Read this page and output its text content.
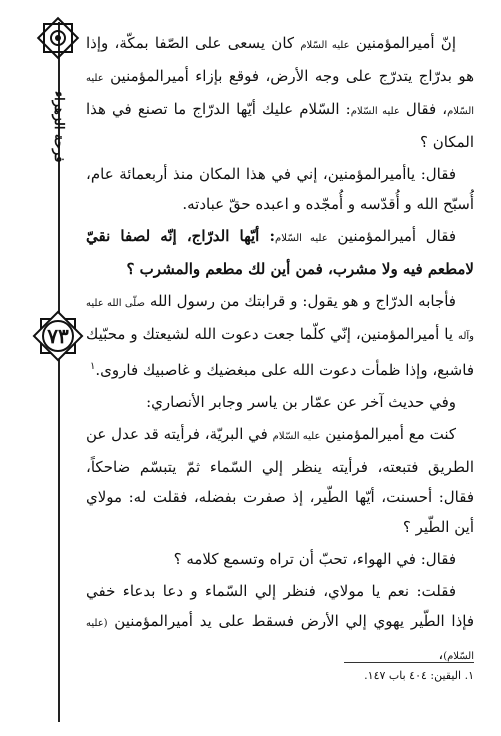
فرحة الزهراء
٧٣

إنّ أميرالمؤمنين عليه السّلام كان يسعى على الصّفا بمكّة، وإذا هو بدرّاج يتدرّج على وجه الأرض، فوقع بإزاء أميرالمؤمنين عليه السّلام، فقال عليه السّلام: السّلام عليك أيّها الدرّاج ما تصنع في هذا المكان ؟

فقال: ياأميرالمؤمنين، إني في هذا المكان منذ أربعمائة عام، أُسبّح الله و أُقدّسه و أُمجّده و اعبده حقّ عبادته.

فقال أميرالمؤمنين عليه السّلام: أيّها الدرّاج، إنّه لصفا نقيّ لامطعم فيه ولا مشرب، فمن أين لك مطعم والمشرب ؟

فأجابه الدرّاج و هو يقول: و قرابتك من رسول الله صلّى الله عليه وآله يا أميرالمؤمنين، إنّي كلّما جعت دعوت الله لشيعتك و محبّيك فاشبع، وإذا ظمأت دعوت الله على مبغضيك و غاصبيك فاروى.$^١$

وفي حديث آخر عن عمّار بن ياسر وجابر الأنصاري:

كنت مع أميرالمؤمنين عليه السّلام في البريّة، فرأيته قد عدل عن الطريق فتبعته، فرأيته ينظر إلي السّماء ثمّ يتبسّم ضاحكاً، فقال: أحسنت، أيّها الطّير، إذ صفرت بفضله، فقلت له: مولاي أين الطّير ؟

فقال: في الهواء، تحبّ أن تراه وتسمع كلامه ؟

فقلت: نعم يا مولاي، فنظر إلي السّماء و دعا بدعاء خفي فإذا الطّير يهوي إلي الأرض فسقط على يد أميرالمؤمنين (عليه السّلام)،

١. اليقين: ٤٠٤ باب ١٤٧.
